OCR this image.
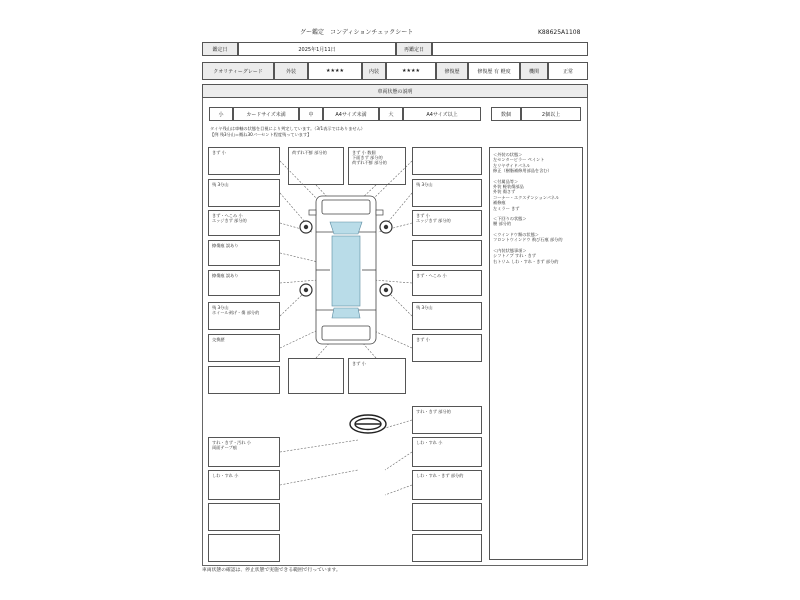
グー鑑定　コンディションチェックシート	K88625A1108
鑑定日	2025年1月11日	再鑑定日
クオリティーグレード	外装	★★★★	内装	★★★★	修復歴	修復歴 有 軽度	機関	正常
車両状態の説明
小	カードサイズ未満	中	A4サイズ未満	大	A4サイズ以上	数個	2個以上
タイヤ残山は車軸の状態を目視により判定しています。（3/1表示ではありません）
【例 残3分山＝概ね30パーセント程度残っています】
きず 小
残 3分山
きず・へこみ 小
エッジきず 部分的
擦傷痕 誤あり
擦傷痕 誤あり
残 3分山
ホイール剥げ・傷 部分的
交換歴
荷ずれ不鮮 部分的	きず 小 数個
下面きず 部分的
荷ずれ不鮮 部分的
残 3分山
きず 小
エッジきず 部分的
きず・へこみ 小
残 3分山
きず 小
きず 小
すれ・きず・汚れ 小
両面テープ痕
しわ・すれ 小
すれ・きず 部分的
しわ・すれ 小
しわ・すれ・きず 部分的
＜外装の状態＞
左センターピラー ペイント
左リヤサイドパネル
修正（樹脂補修用部品を含む）
＜付属品等＞
外装 軽装傷部品
外装 傷さず
コーナー・エクステンションパネル
補修痕
左ミラー きず
＜下回りの状態＞
腰 部分的
＜ウインドウ類の状態＞
フロントウインドウ 飛び石痕 部分的
＜内装状態事項＞
シフトノブ すれ・きず
右トリム しわ・すれ・きず 部分的
車両状態の確認は、停止状態で実施できる範囲で行っています。
